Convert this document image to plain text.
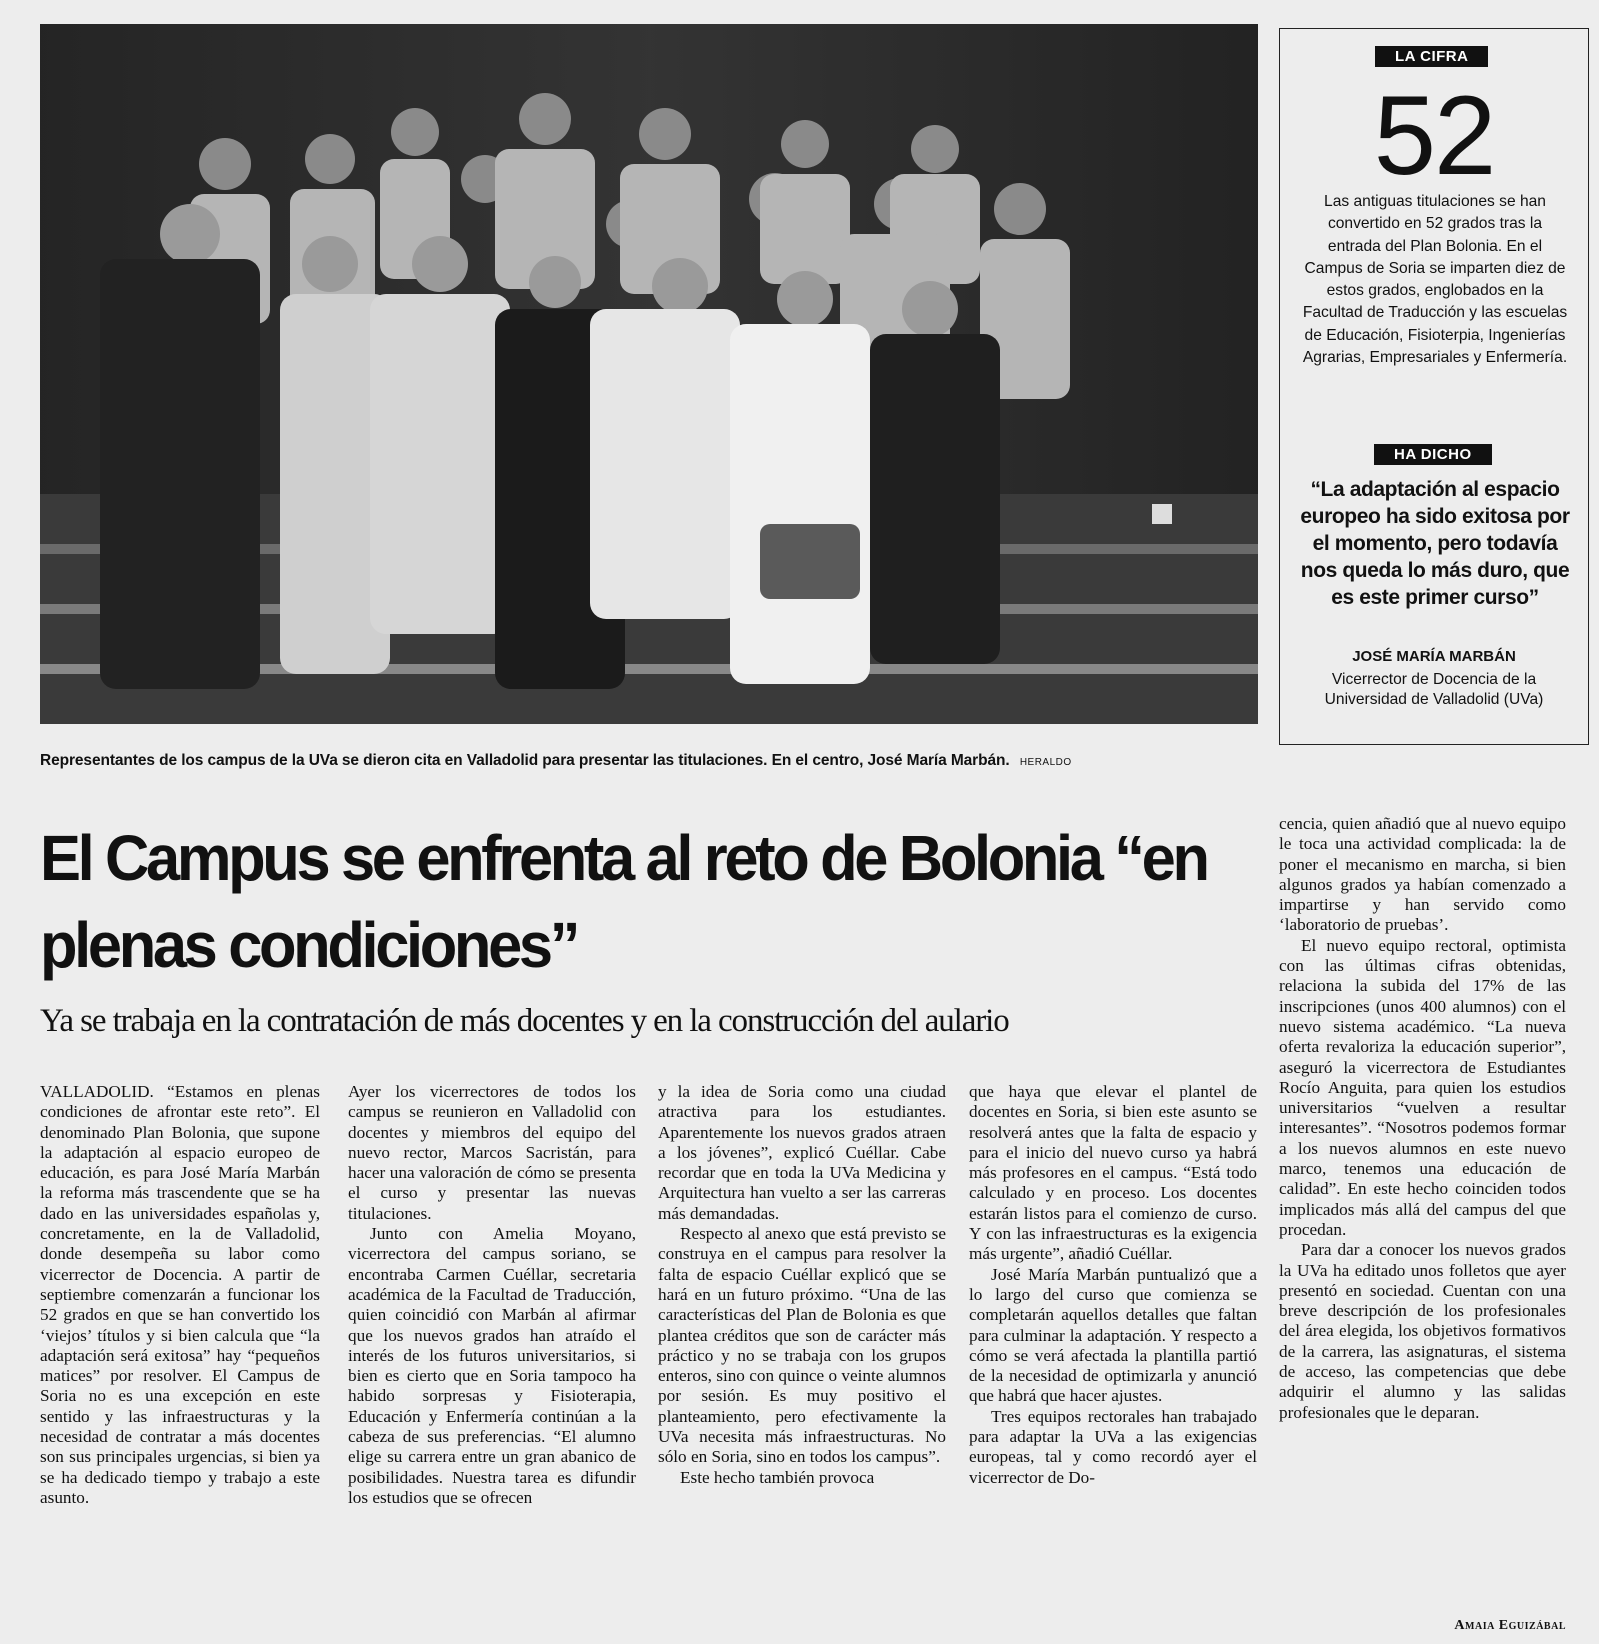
Representantes de los campus de la UVa se dieron cita en Valladolid para presentar las titulaciones. En el centro, José María Marbán. HERALDO
LA CIFRA
52
Las antiguas titulaciones se han convertido en 52 grados tras la entrada del Plan Bolonia. En el Campus de Soria se imparten diez de estos grados, englobados en la Facultad de Traducción y las escuelas de Educación, Fisioterpia, Ingenierías Agrarias, Empresariales y Enfermería.
HA DICHO
“La adaptación al espacio europeo ha sido exitosa por el momento, pero todavía nos queda lo más duro, que es este primer curso”
JOSÉ MARÍA MARBÁN
Vicerrector de Docencia de la Universidad de Valladolid (UVa)
El Campus se enfrenta al reto de Bolonia “en plenas condiciones”
Ya se trabaja en la contratación de más docentes y en la construcción del aulario

VALLADOLID. “Estamos en plenas condiciones de afrontar este reto”. El denominado Plan Bolonia, que supone la adaptación al espacio europeo de educación, es para José María Marbán la reforma más trascendente que se ha dado en las universidades españolas y, concretamente, en la de Valladolid, donde desempeña su labor como vicerrector de Docencia. A partir de septiembre comenzarán a funcionar los 52 grados en que se han convertido los ‘viejos’ títulos y si bien calcula que “la adaptación será exitosa” hay “pequeños matices” por resolver. El Campus de Soria no es una excepción en este sentido y las infraestructuras y la necesidad de contratar a más docentes son sus principales urgencias, si bien ya se ha dedicado tiempo y trabajo a este asunto.

Ayer los vicerrectores de todos los campus se reunieron en Valladolid con docentes y miembros del equipo del nuevo rector, Marcos Sacristán, para hacer una valoración de cómo se presenta el curso y presentar las nuevas titulaciones.

Junto con Amelia Moyano, vicerrectora del campus soriano, se encontraba Carmen Cuéllar, secretaria académica de la Facultad de Traducción, quien coincidió con Marbán al afirmar que los nuevos grados han atraído el interés de los futuros universitarios, si bien es cierto que en Soria tampoco ha habido sorpresas y Fisioterapia, Educación y Enfermería continúan a la cabeza de sus preferencias. “El alumno elige su carrera entre un gran abanico de posibilidades. Nuestra tarea es difundir los estudios que se ofrecen

y la idea de Soria como una ciudad atractiva para los estudiantes. Aparentemente los nuevos grados atraen a los jóvenes”, explicó Cuéllar. Cabe recordar que en toda la UVa Medicina y Arquitectura han vuelto a ser las carreras más demandadas.

Respecto al anexo que está previsto se construya en el campus para resolver la falta de espacio Cuéllar explicó que se hará en un futuro próximo. “Una de las características del Plan de Bolonia es que plantea créditos que son de carácter más práctico y no se trabaja con los grupos enteros, sino con quince o veinte alumnos por sesión. Es muy positivo el planteamiento, pero efectivamente la UVa necesita más infraestructuras. No sólo en Soria, sino en todos los campus”.

Este hecho también provoca

que haya que elevar el plantel de docentes en Soria, si bien este asunto se resolverá antes que la falta de espacio y para el inicio del nuevo curso ya habrá más profesores en el campus. “Está todo calculado y en proceso. Los docentes estarán listos para el comienzo de curso. Y con las infraestructuras es la exigencia más urgente”, añadió Cuéllar.

José María Marbán puntualizó que a lo largo del curso que comienza se completarán aquellos detalles que faltan para culminar la adaptación. Y respecto a cómo se verá afectada la plantilla partió de la necesidad de optimizarla y anunció que habrá que hacer ajustes.

Tres equipos rectorales han trabajado para adaptar la UVa a las exigencias europeas, tal y como recordó ayer el vicerrector de Do-

cencia, quien añadió que al nuevo equipo le toca una actividad complicada: la de poner el mecanismo en marcha, si bien algunos grados ya habían comenzado a impartirse y han servido como ‘laboratorio de pruebas’.

El nuevo equipo rectoral, optimista con las últimas cifras obtenidas, relaciona la subida del 17% de las inscripciones (unos 400 alumnos) con el nuevo sistema académico. “La nueva oferta revaloriza la educación superior”, aseguró la vicerrectora de Estudiantes Rocío Anguita, para quien los estudios universitarios “vuelven a resultar interesantes”. “Nosotros podemos formar a los nuevos alumnos en este nuevo marco, tenemos una educación de calidad”. En este hecho coinciden todos implicados más allá del campus del que procedan.

Para dar a conocer los nuevos grados la UVa ha editado unos folletos que ayer presentó en sociedad. Cuentan con una breve descripción de los profesionales del área elegida, los objetivos formativos de la carrera, las asignaturas, el sistema de acceso, las competencias que debe adquirir el alumno y las salidas profesionales que le deparan.

Amaia Eguizábal
